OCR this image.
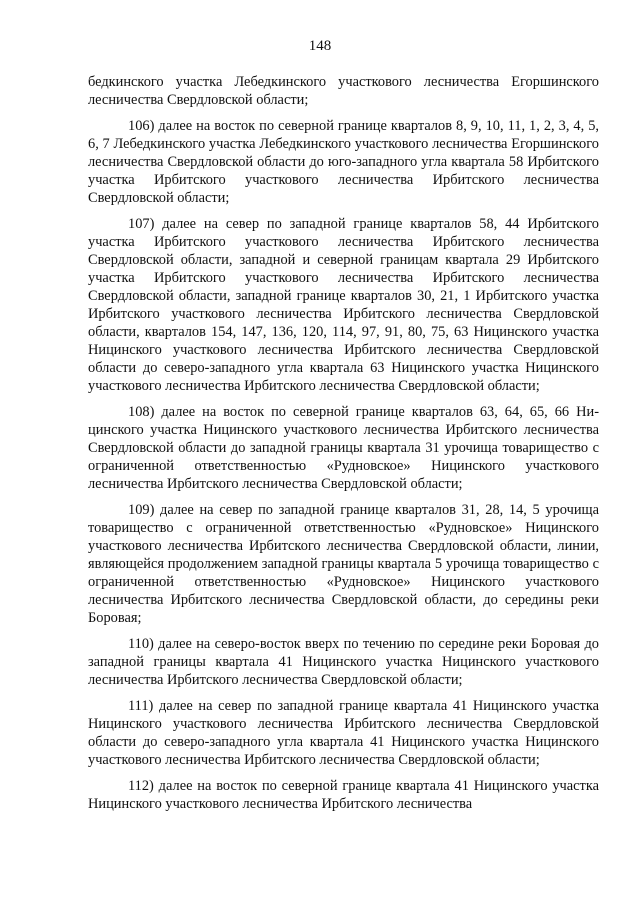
148

бедкинского участка Лебедкинского участкового лесничества Егоршинского лесничества Свердловской области;

106) далее на восток по северной границе кварталов 8, 9, 10, 11, 1, 2, 3, 4, 5, 6, 7 Лебедкинского участка Лебедкинского участкового лесничества Егоршинского лесничества Свердловской области до юго-западного угла квартала 58 Ирбитского участка Ирбитского участкового лесничества Ирбитского лесничества Свердловской области;

107) далее на север по западной границе кварталов 58, 44 Ирбитского участка Ирбитского участкового лесничества Ирбитского лесничества Свердловской области, западной и северной границам квартала 29 Ирбитского участка Ирбитского участкового лесничества Ирбитского лесничества Свердловской области, западной границе кварталов 30, 21, 1 Ирбитского участка Ирбитского участкового лесничества Ирбитского лесничества Свердловской области, кварталов 154, 147, 136, 120, 114, 97, 91, 80, 75, 63 Ницинского участка Ницинского участкового лесничества Ирбитского лесничества Свердловской области до северо-западного угла квартала 63 Ницинского участка Ницинского участкового лесничества Ирбитского лесничества Свердловской области;

108) далее на восток по северной границе кварталов 63, 64, 65, 66 Ницинского участка Ницинского участкового лесничества Ирбитского лесничества Свердловской области до западной границы квартала 31 урочища товарищество с ограниченной ответственностью «Рудновское» Ницинского участкового лесничества Ирбитского лесничества Свердловской области;

109) далее на север по западной границе кварталов 31, 28, 14, 5 урочища товарищество с ограниченной ответственностью «Рудновское» Ницинского участкового лесничества Ирбитского лесничества Свердловской области, линии, являющейся продолжением западной границы квартала 5 урочища товарищество с ограниченной ответственностью «Рудновское» Ницинского участкового лесничества Ирбитского лесничества Свердловской области, до середины реки Боровая;

110) далее на северо-восток вверх по течению по середине реки Боровая до западной границы квартала 41 Ницинского участка Ницинского участкового лесничества Ирбитского лесничества Свердловской области;

111) далее на север по западной границе квартала 41 Ницинского участка Ницинского участкового лесничества Ирбитского лесничества Свердловской области до северо-западного угла квартала 41 Ницинского участка Ницинского участкового лесничества Ирбитского лесничества Свердловской области;

112) далее на восток по северной границе квартала 41 Ницинского участка Ницинского участкового лесничества Ирбитского лесничества
